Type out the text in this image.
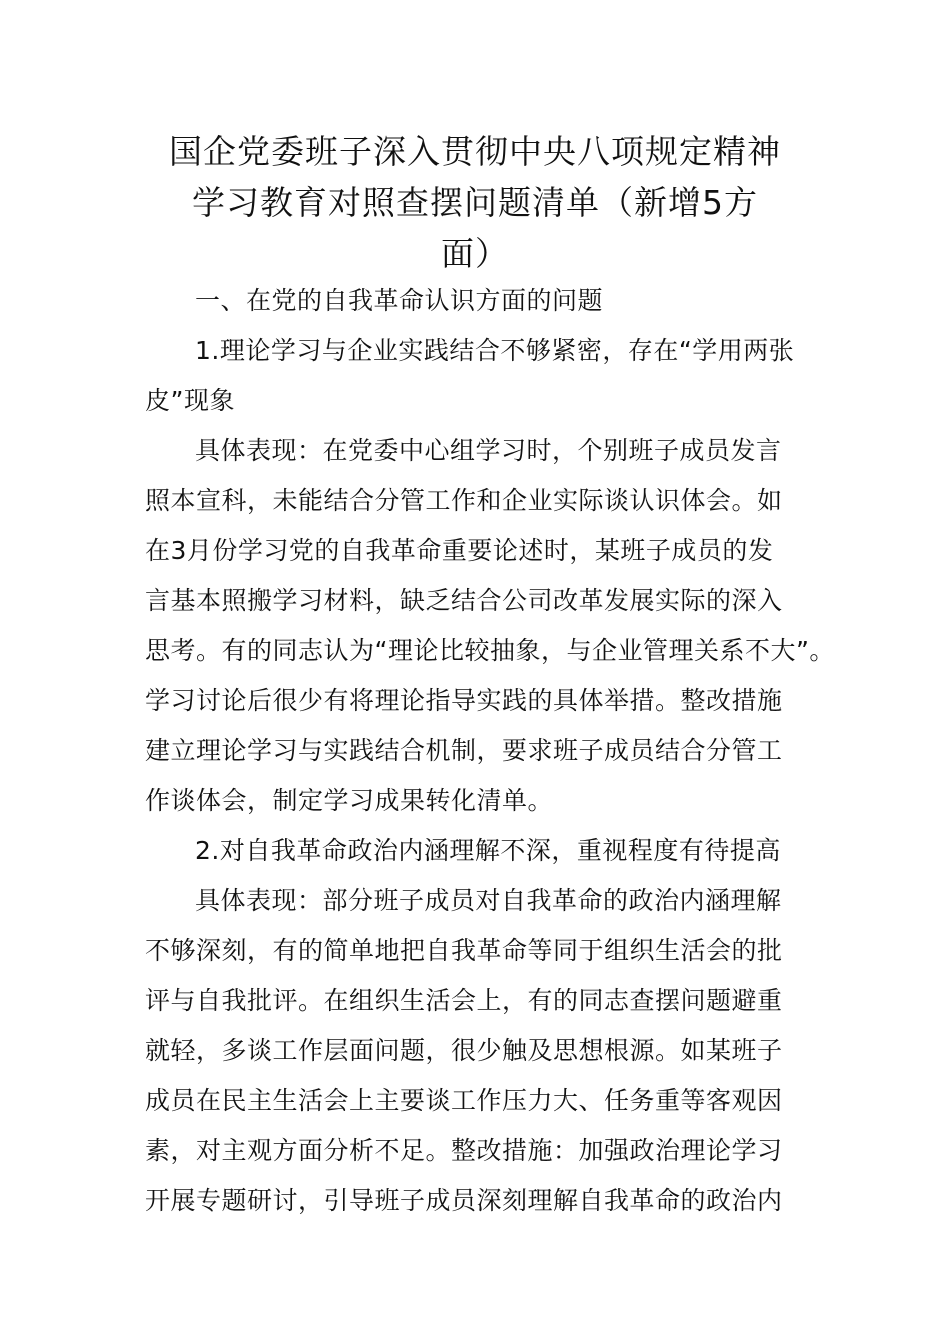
国企党委班子深入贯彻中央八项规定精神
学习教育对照查摆问题清单（新增5方
面）
一、在党的自我革命认识方面的问题
1.理论学习与企业实践结合不够紧密，存在“学用两张
皮”现象
具体表现：在党委中心组学习时，个别班子成员发言
照本宣科，未能结合分管工作和企业实际谈认识体会。如
在3月份学习党的自我革命重要论述时，某班子成员的发
言基本照搬学习材料，缺乏结合公司改革发展实际的深入
思考。有的同志认为“理论比较抽象，与企业管理关系不大”。
学习讨论后很少有将理论指导实践的具体举措。整改措施
建立理论学习与实践结合机制，要求班子成员结合分管工
作谈体会，制定学习成果转化清单。
2.对自我革命政治内涵理解不深，重视程度有待提高
具体表现：部分班子成员对自我革命的政治内涵理解
不够深刻，有的简单地把自我革命等同于组织生活会的批
评与自我批评。在组织生活会上，有的同志查摆问题避重
就轻，多谈工作层面问题，很少触及思想根源。如某班子
成员在民主生活会上主要谈工作压力大、任务重等客观因
素，对主观方面分析不足。整改措施：加强政治理论学习
开展专题研讨，引导班子成员深刻理解自我革命的政治内
